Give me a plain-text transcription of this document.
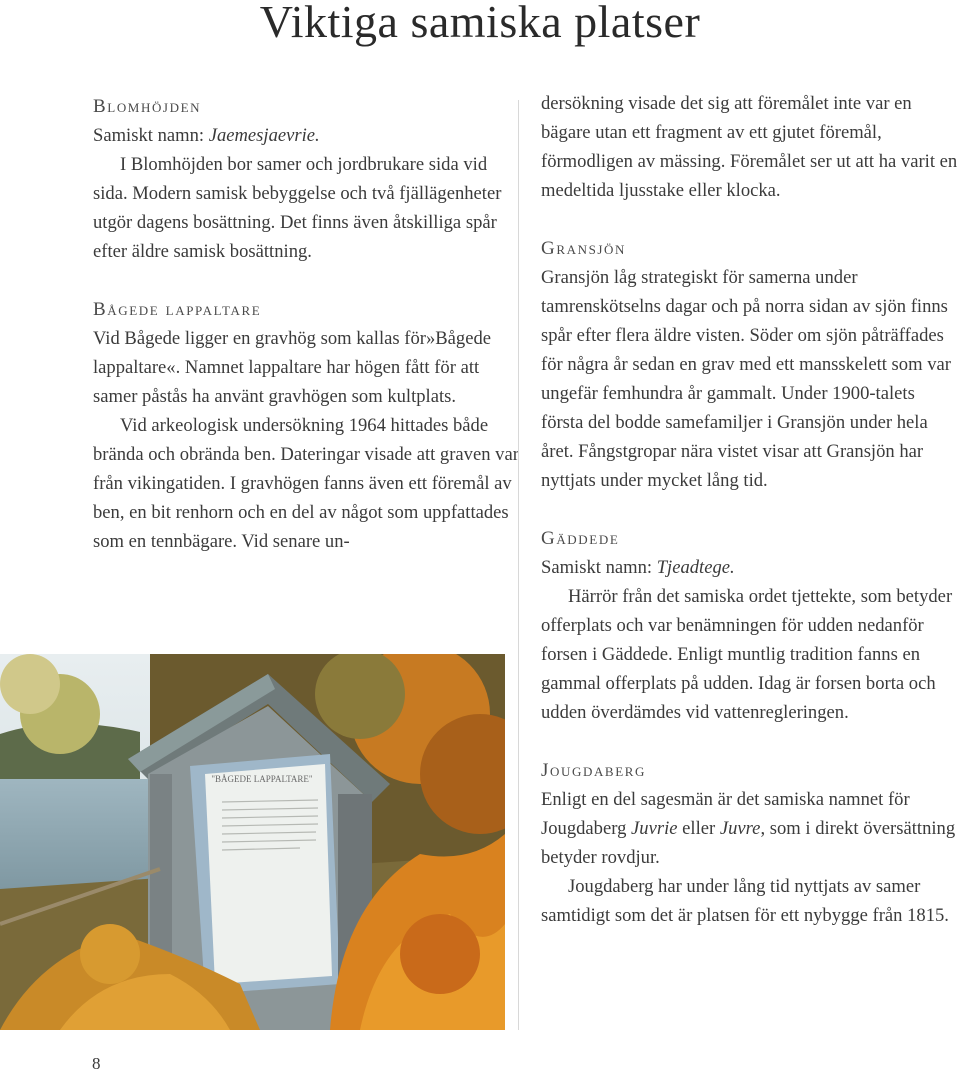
Viktiga samiska platser

Blomhöjden

Samiskt namn: Jaemesjaevrie.

I Blomhöjden bor samer och jordbrukare sida vid sida. Modern samisk bebyggelse och två fjällägenheter utgör dagens bosättning. Det finns även åtskilliga spår efter äldre samisk bosättning.

Bågede lappaltare

Vid Bågede ligger en gravhög som kallas för»Bågede lappaltare«. Namnet lappaltare har högen fått för att samer påstås ha använt gravhögen som kultplats.

Vid arkeologisk undersökning 1964 hittades både brända och obrända ben. Dateringar visade att graven var från vikingatiden. I gravhögen fanns även ett föremål av ben, en bit renhorn och en del av något som uppfattades som en tennbägare. Vid senare un-

dersökning visade det sig att föremålet inte var en bägare utan ett fragment av ett gjutet föremål, förmodligen av mässing. Föremålet ser ut att ha varit en medeltida ljusstake eller klocka.

Gransjön

Gransjön låg strategiskt för samerna under tamrenskötselns dagar och på norra sidan av sjön finns spår efter flera äldre visten. Söder om sjön påträffades för några år sedan en grav med ett mansskelett som var ungefär femhundra år gammalt. Under 1900-talets första del bodde samefamiljer i Gransjön under hela året. Fångstgropar nära vistet visar att Gransjön har nyttjats under mycket lång tid.

Gäddede

Samiskt namn: Tjeadtege.

Härrör från det samiska ordet tjettekte, som betyder offerplats och var benämningen för udden nedanför forsen i Gäddede. Enligt muntlig tradition fanns en gammal offerplats på udden. Idag är forsen borta och udden överdämdes vid vattenregleringen.

Jougdaberg

Enligt en del sagesmän är det samiska namnet för Jougdaberg Juvrie eller Juvre, som i direkt översättning betyder rovdjur.

Jougdaberg har under lång tid nyttjats av samer samtidigt som det är platsen för ett nybygge från 1815.

"BÅGEDE LAPPALTARE"
8
